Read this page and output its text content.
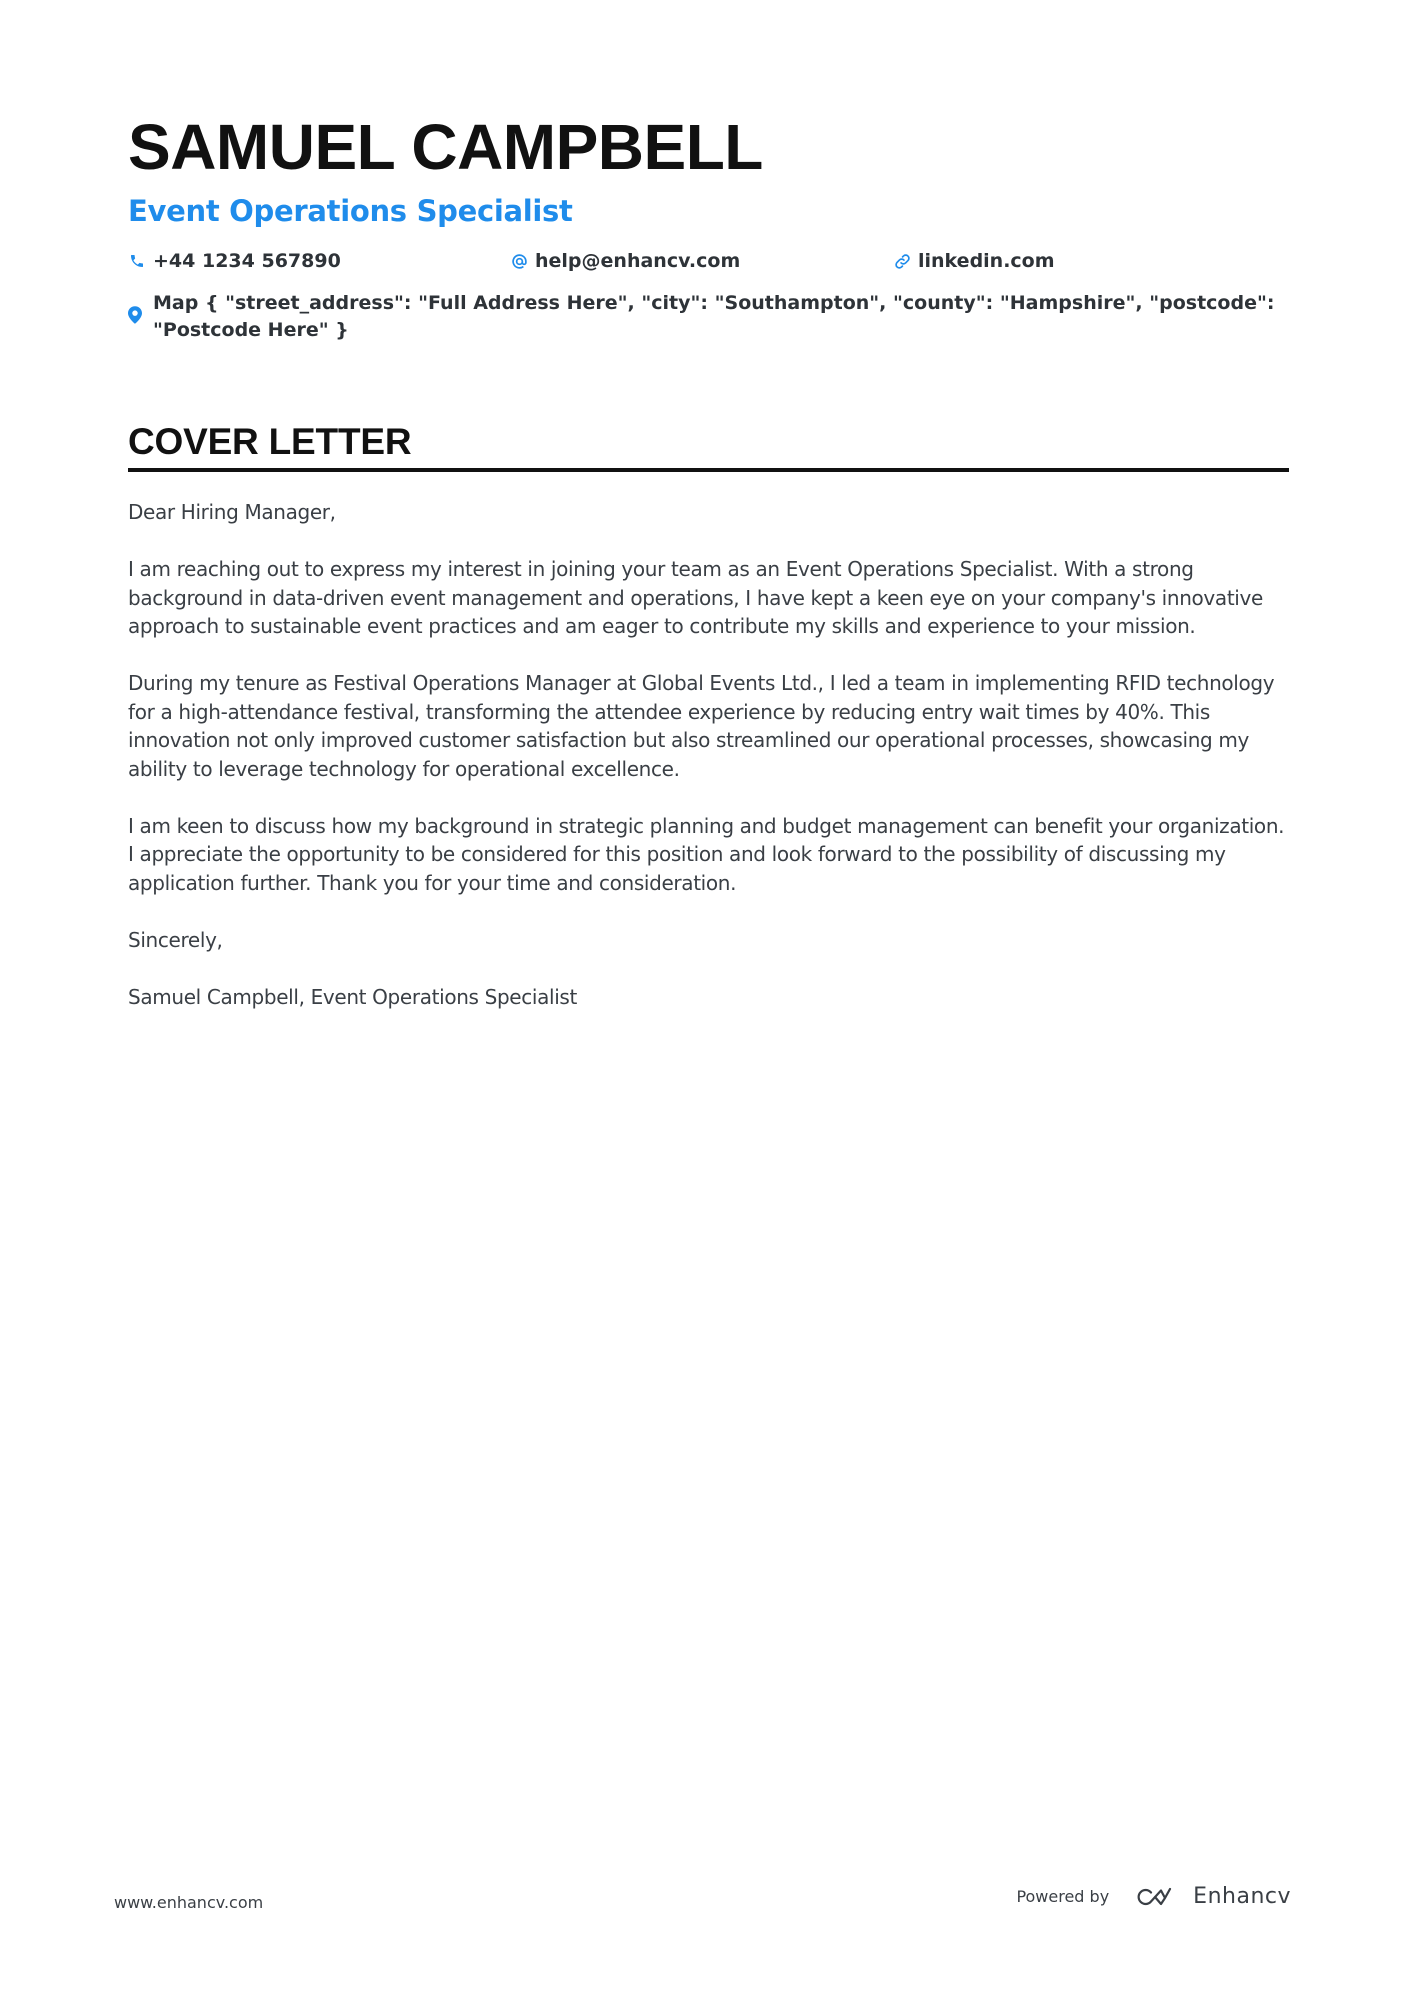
SAMUEL CAMPBELL
Event Operations Specialist
+44 1234 567890	help@enhancv.com	linkedin.com
Map { "street_address": "Full Address Here", "city": "Southampton", "county": "Hampshire", "postcode": "Postcode Here" }
COVER LETTER

Dear Hiring Manager,

I am reaching out to express my interest in joining your team as an Event Operations Specialist. With a strong background in data-driven event management and operations, I have kept a keen eye on your company's innovative approach to sustainable event practices and am eager to contribute my skills and experience to your mission.

During my tenure as Festival Operations Manager at Global Events Ltd., I led a team in implementing RFID technology for a high-attendance festival, transforming the attendee experience by reducing entry wait times by 40%. This innovation not only improved customer satisfaction but also streamlined our operational processes, showcasing my ability to leverage technology for operational excellence.

I am keen to discuss how my background in strategic planning and budget management can benefit your organization. I appreciate the opportunity to be considered for this position and look forward to the possibility of discussing my application further. Thank you for your time and consideration.

Sincerely,

Samuel Campbell, Event Operations Specialist

www.enhancv.com	Powered by	Enhancv
